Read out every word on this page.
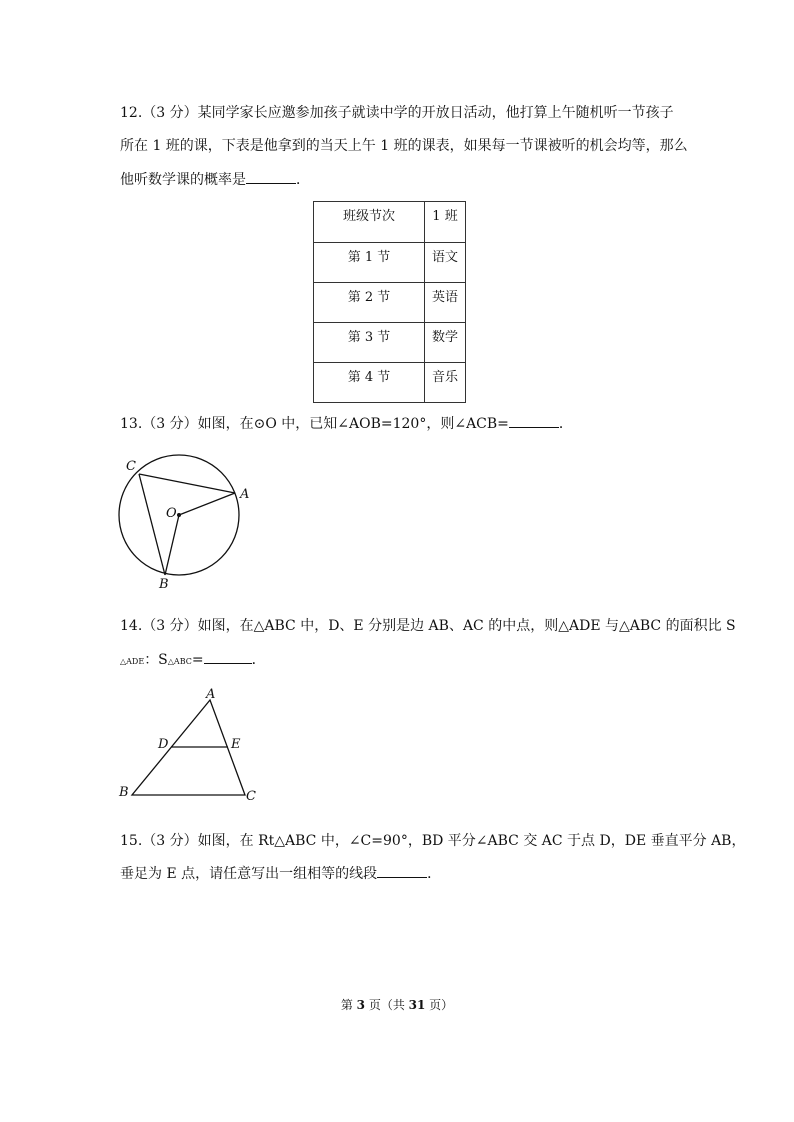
12.（3 分）某同学家长应邀参加孩子就读中学的开放日活动，他打算上午随机听一节孩子
所在 1 班的课，下表是他拿到的当天上午 1 班的课表，如果每一节课被听的机会均等，那么
他听数学课的概率是	．
班级节次	1 班
第 1 节	语文
第 2 节	英语
第 3 节	数学
第 4 节	音乐
13.（3 分）如图，在⊙O 中，已知∠AOB=120°，则∠ACB=	．
C
A
O
B
14.（3 分）如图，在△ABC 中，D、E 分别是边 AB、AC 的中点，则△ADE 与△ABC 的面积比 S
△ADE：S△ABC=	．
A
D	E
B	C
15.（3 分）如图，在 Rt△ABC 中，∠C=90°，BD 平分∠ABC 交 AC 于点 D，DE 垂直平分 AB，
垂足为 E 点，请任意写出一组相等的线段	．
第 3 页（共 31 页）
